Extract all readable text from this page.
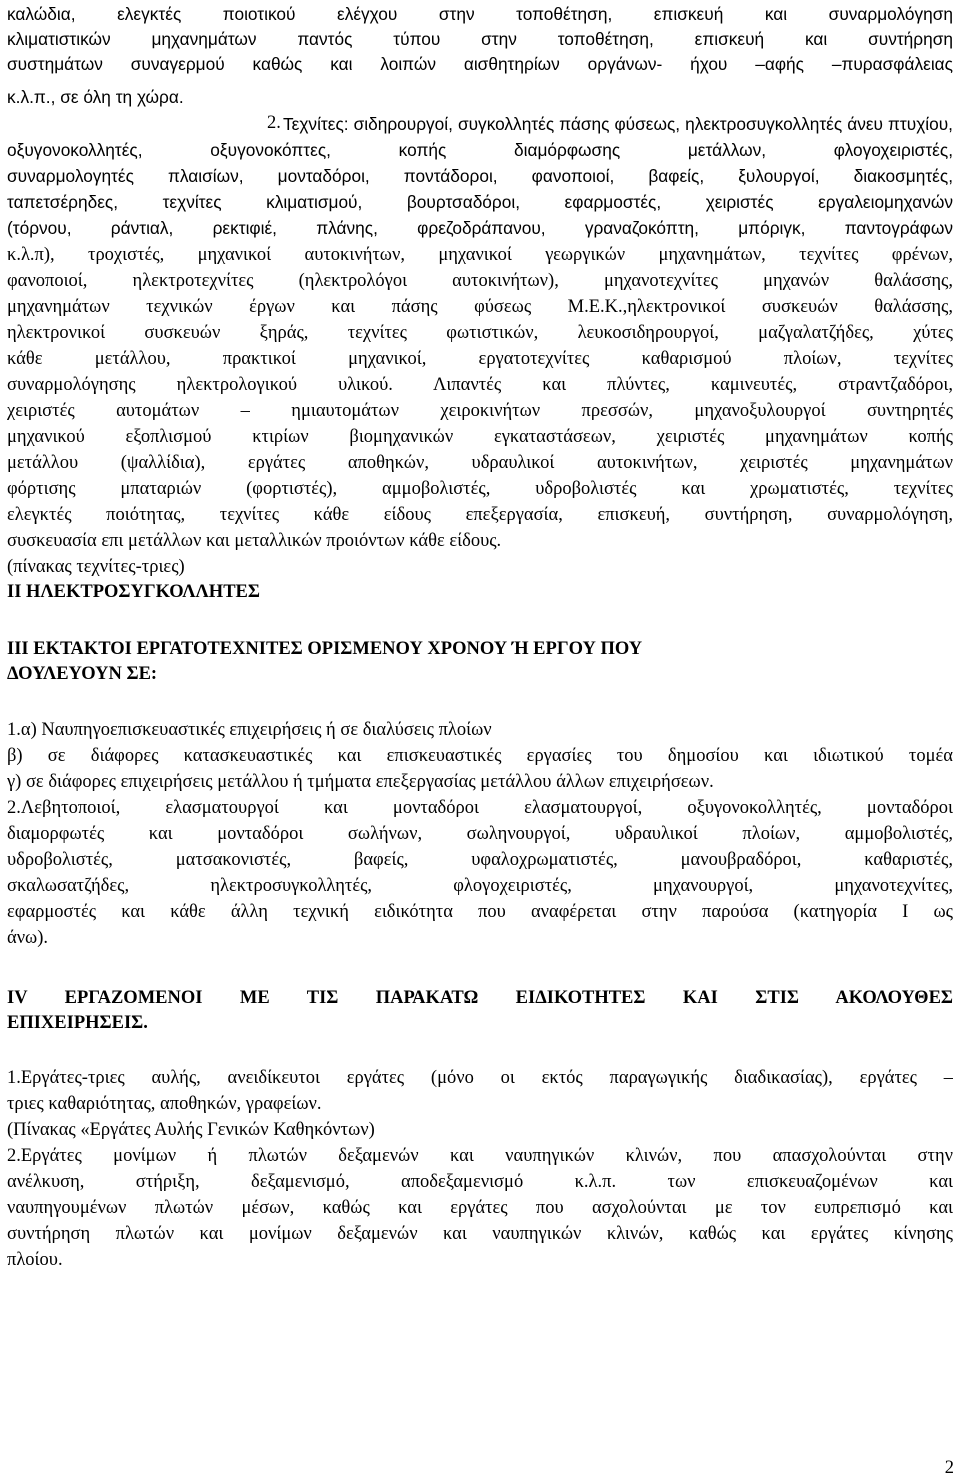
καλώδια, ελεγκτές ποιοτικού ελέγχου στην τοποθέτηση, επισκευή και συναρμολόγηση
κλιματιστικών μηχανημάτων παντός τύπου στην τοποθέτηση, επισκευή και συντήρηση
συστημάτων συναγερμού καθώς και λοιπών αισθητηρίων οργάνων- ήχου –αφής –πυρασφάλειας
κ.λ.π., σε όλη τη χώρα.
2. Τεχνίτες: σιδηρουργοί, συγκολλητές πάσης φύσεως, ηλεκτροσυγκολλητές άνευ πτυχίου,
οξυγονοκολλητές, οξυγονοκόπτες, κοπής διαμόρφωσης μετάλλων, φλογοχειριστές,
συναρμολογητές πλαισίων, μονταδόροι, ποντάδοροι, φανοποιοί, βαφείς, ξυλουργοί, διακοσμητές,
ταπετσέρηδες, τεχνίτες κλιματισμού, βουρτσαδόροι, εφαρμοστές, χειριστές εργαλειομηχανών
(τόρνου, ράντιαλ, ρεκτιφιέ, πλάνης, φρεζοδράπανου, γραναζοκόπτη, μπόριγκ, παντογράφων
κ.λ.π), τροχιστές, μηχανικοί αυτοκινήτων, μηχανικοί γεωργικών μηχανημάτων, τεχνίτες φρένων,
φανοποιοί, ηλεκτροτεχνίτες (ηλεκτρολόγοι αυτοκινήτων), μηχανοτεχνίτες μηχανών θαλάσσης,
μηχανημάτων τεχνικών έργων και πάσης φύσεως Μ.Ε.Κ.,ηλεκτρονικοί συσκευών θαλάσσης,
ηλεκτρονικοί συσκευών ξηράς, τεχνίτες φωτιστικών, λευκοσιδηρουργοί, μαζγαλατζήδες, χύτες
κάθε μετάλλου, πρακτικοί μηχανικοί, εργατοτεχνίτες καθαρισμού πλοίων, τεχνίτες
συναρμολόγησης ηλεκτρολογικού υλικού. Λιπαντές και πλύντες, καμινευτές, στραντζαδόροι,
χειριστές αυτομάτων – ημιαυτομάτων χειροκινήτων πρεσσών, μηχανοξυλουργοί συντηρητές
μηχανικού εξοπλισμού κτιρίων βιομηχανικών εγκαταστάσεων, χειριστές μηχανημάτων κοπής
μετάλλου (ψαλλίδια), εργάτες αποθηκών, υδραυλικοί αυτοκινήτων, χειριστές μηχανημάτων
φόρτισης μπαταριών (φορτιστές), αμμοβολιστές, υδροβολιστές και χρωματιστές, τεχνίτες
ελεγκτές ποιότητας, τεχνίτες κάθε είδους επεξεργασία, επισκευή, συντήρηση, συναρμολόγηση,
συσκευασία επι μετάλλων και μεταλλικών προιόντων κάθε είδους.
(πίνακας τεχνίτες-τριες)
ΙΙ ΗΛΕΚΤΡΟΣΥΓΚΟΛΛΗΤΕΣ
ΙΙΙ ΕΚΤΑΚΤΟΙ ΕΡΓΑΤΟΤΕΧΝΙΤΕΣ ΟΡΙΣΜΕΝΟΥ ΧΡΟΝΟΥ Ή ΕΡΓΟΥ ΠΟΥ
ΔΟΥΛΕΥΟΥΝ ΣΕ:
1.α) Ναυπηγοεπισκευαστικές επιχειρήσεις ή σε διαλύσεις πλοίων
β) σε διάφορες κατασκευαστικές και επισκευαστικές εργασίες του δημοσίου και ιδιωτικού τομέα
γ) σε διάφορες επιχειρήσεις μετάλλου ή τμήματα επεξεργασίας μετάλλου άλλων επιχειρήσεων.
2.Λεβητοποιοί, ελασματουργοί και μονταδόροι ελασματουργοί, οξυγονοκολλητές, μονταδόροι
διαμορφωτές και μονταδόροι σωλήνων, σωληνουργοί, υδραυλικοί πλοίων, αμμοβολιστές,
υδροβολιστές, ματσακονιστές, βαφείς, υφαλοχρωματιστές, μανουβραδόροι, καθαριστές,
σκαλωσατζήδες, ηλεκτροσυγκολλητές, φλογοχειριστές, μηχανουργοί, μηχανοτεχνίτες,
εφαρμοστές και κάθε άλλη τεχνική ειδικότητα που αναφέρεται στην παρούσα (κατηγορία Ι ως
άνω).
ΙV ΕΡΓΑΖΟΜΕΝΟΙ ΜΕ ΤΙΣ ΠΑΡΑΚΑΤΩ ΕΙΔΙΚΟΤΗΤΕΣ ΚΑΙ ΣΤΙΣ ΑΚΟΛΟΥΘΕΣ
ΕΠΙΧΕΙΡΗΣΕΙΣ.
1.Εργάτες-τριες αυλής, ανειδίκευτοι εργάτες (μόνο οι εκτός παραγωγικής διαδικασίας), εργάτες –
τριες καθαριότητας, αποθηκών, γραφείων.
(Πίνακας «Εργάτες Αυλής Γενικών Καθηκόντων)
2.Εργάτες μονίμων ή πλωτών δεξαμενών και ναυπηγικών κλινών, που απασχολούνται στην
ανέλκυση, στήριξη, δεξαμενισμό, αποδεξαμενισμό κ.λ.π. των επισκευαζομένων και
ναυπηγουμένων πλωτών μέσων, καθώς και εργάτες που ασχολούνται με τον ευπρεπισμό και
συντήρηση πλωτών και μονίμων δεξαμενών και ναυπηγικών κλινών, καθώς και εργάτες κίνησης
πλοίου.
2
